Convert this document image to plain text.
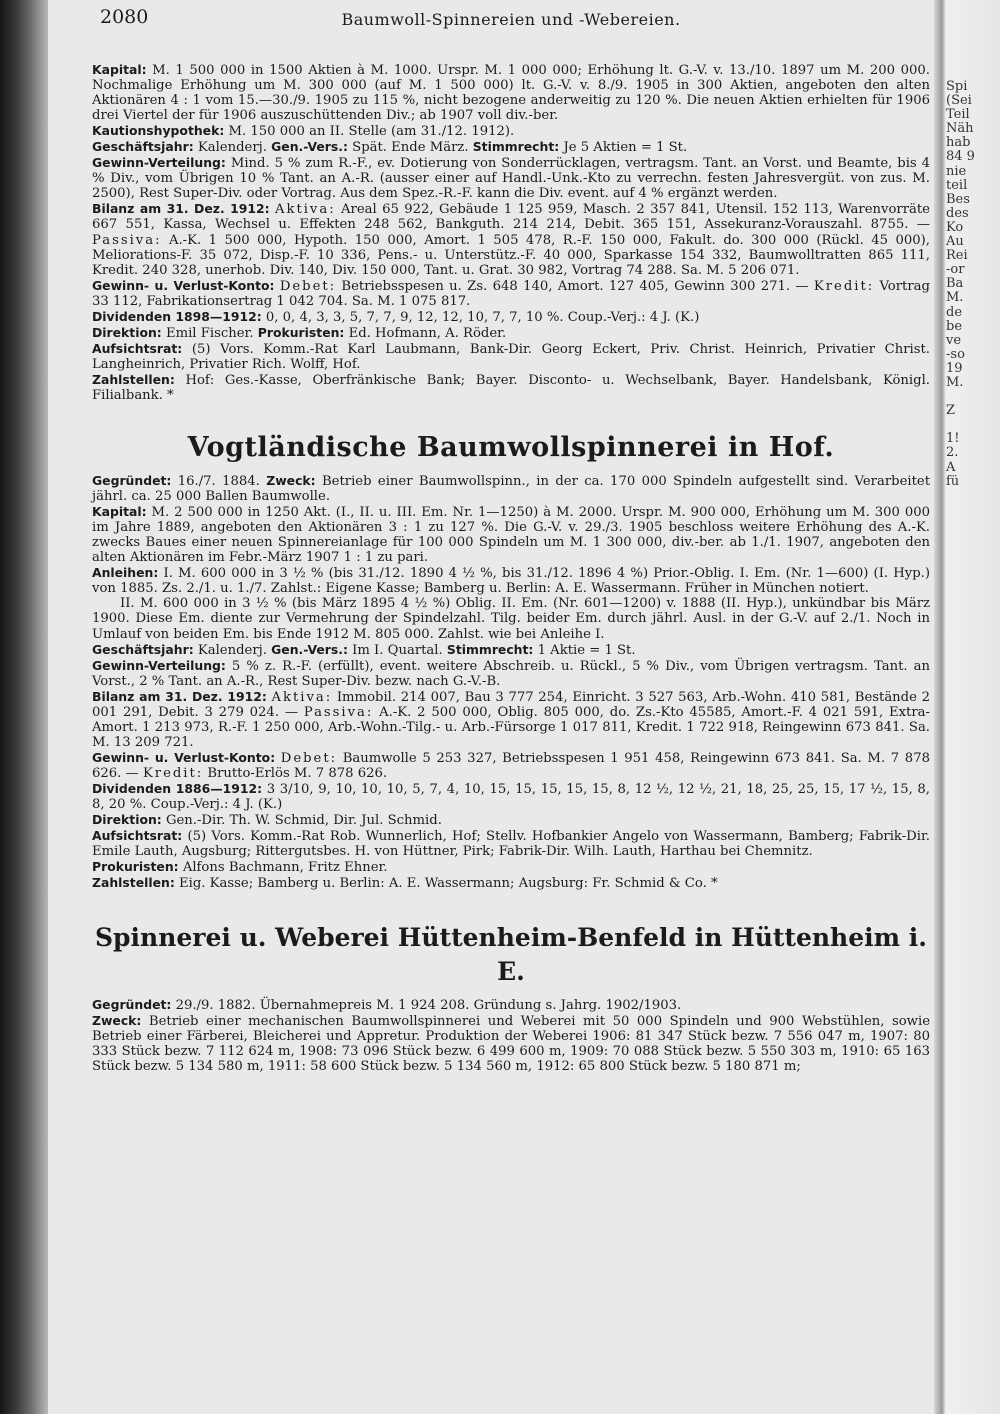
Spi
(Sei
Teil
Näh
hab
84 9
nie
teil
Bes
des
Ko
Au
Rei
-or
Ba
M.
de
be
ve
-so
19
M.
Z
1!
2.
A
fü
2080	Baumwoll-Spinnereien und -Webereien.

Kapital: M. 1 500 000 in 1500 Aktien à M. 1000. Urspr. M. 1 000 000; Erhöhung lt. G.-V. v. 13./10. 1897 um M. 200 000. Nochmalige Erhöhung um M. 300 000 (auf M. 1 500 000) lt. G.-V. v. 8./9. 1905 in 300 Aktien, angeboten den alten Aktionären 4 : 1 vom 15.—30./9. 1905 zu 115 %, nicht bezogene anderweitig zu 120 %. Die neuen Aktien erhielten für 1906 drei Viertel der für 1906 auszuschüttenden Div.; ab 1907 voll div.-ber.

Kautionshypothek: M. 150 000 an II. Stelle (am 31./12. 1912).

Geschäftsjahr: Kalenderj. Gen.-Vers.: Spät. Ende März. Stimmrecht: Je 5 Aktien = 1 St.

Gewinn-Verteilung: Mind. 5 % zum R.-F., ev. Dotierung von Sonderrücklagen, vertragsm. Tant. an Vorst. und Beamte, bis 4 % Div., vom Übrigen 10 % Tant. an A.-R. (ausser einer auf Handl.-Unk.-Kto zu verrechn. festen Jahresvergüt. von zus. M. 2500), Rest Super-Div. oder Vortrag. Aus dem Spez.-R.-F. kann die Div. event. auf 4 % ergänzt werden.

Bilanz am 31. Dez. 1912: Aktiva: Areal 65 922, Gebäude 1 125 959, Masch. 2 357 841, Utensil. 152 113, Warenvorräte 667 551, Kassa, Wechsel u. Effekten 248 562, Bankguth. 214 214, Debit. 365 151, Assekuranz-Vorauszahl. 8755. — Passiva: A.-K. 1 500 000, Hypoth. 150 000, Amort. 1 505 478, R.-F. 150 000, Fakult. do. 300 000 (Rückl. 45 000), Meliorations-F. 35 072, Disp.-F. 10 336, Pens.- u. Unterstütz.-F. 40 000, Sparkasse 154 332, Baumwolltratten 865 111, Kredit. 240 328, unerhob. Div. 140, Div. 150 000, Tant. u. Grat. 30 982, Vortrag 74 288. Sa. M. 5 206 071.

Gewinn- u. Verlust-Konto: Debet: Betriebsspesen u. Zs. 648 140, Amort. 127 405, Gewinn 300 271. — Kredit: Vortrag 33 112, Fabrikationsertrag 1 042 704. Sa. M. 1 075 817.

Dividenden 1898—1912: 0, 0, 4, 3, 3, 5, 7, 7, 9, 12, 12, 10, 7, 7, 10 %. Coup.-Verj.: 4 J. (K.)

Direktion: Emil Fischer. Prokuristen: Ed. Hofmann, A. Röder.

Aufsichtsrat: (5) Vors. Komm.-Rat Karl Laubmann, Bank-Dir. Georg Eckert, Priv. Christ. Heinrich, Privatier Christ. Langheinrich, Privatier Rich. Wolff, Hof.

Zahlstellen: Hof: Ges.-Kasse, Oberfränkische Bank; Bayer. Disconto- u. Wechselbank, Bayer. Handelsbank, Königl. Filialbank. *

Vogtländische Baumwollspinnerei in Hof.

Gegründet: 16./7. 1884. Zweck: Betrieb einer Baumwollspinn., in der ca. 170 000 Spindeln aufgestellt sind. Verarbeitet jährl. ca. 25 000 Ballen Baumwolle.

Kapital: M. 2 500 000 in 1250 Akt. (I., II. u. III. Em. Nr. 1—1250) à M. 2000. Urspr. M. 900 000, Erhöhung um M. 300 000 im Jahre 1889, angeboten den Aktionären 3 : 1 zu 127 %. Die G.-V. v. 29./3. 1905 beschloss weitere Erhöhung des A.-K. zwecks Baues einer neuen Spinnereianlage für 100 000 Spindeln um M. 1 300 000, div.-ber. ab 1./1. 1907, angeboten den alten Aktionären im Febr.-März 1907 1 : 1 zu pari.

Anleihen: I. M. 600 000 in 3 ½ % (bis 31./12. 1890 4 ½ %, bis 31./12. 1896 4 %) Prior.-Oblig. I. Em. (Nr. 1—600) (I. Hyp.) von 1885. Zs. 2./1. u. 1./7. Zahlst.: Eigene Kasse; Bamberg u. Berlin: A. E. Wassermann. Früher in München notiert.

II. M. 600 000 in 3 ½ % (bis März 1895 4 ½ %) Oblig. II. Em. (Nr. 601—1200) v. 1888 (II. Hyp.), unkündbar bis März 1900. Diese Em. diente zur Vermehrung der Spindelzahl. Tilg. beider Em. durch jährl. Ausl. in der G.-V. auf 2./1. Noch in Umlauf von beiden Em. bis Ende 1912 M. 805 000. Zahlst. wie bei Anleihe I.

Geschäftsjahr: Kalenderj. Gen.-Vers.: Im I. Quartal. Stimmrecht: 1 Aktie = 1 St.

Gewinn-Verteilung: 5 % z. R.-F. (erfüllt), event. weitere Abschreib. u. Rückl., 5 % Div., vom Übrigen vertragsm. Tant. an Vorst., 2 % Tant. an A.-R., Rest Super-Div. bezw. nach G.-V.-B.

Bilanz am 31. Dez. 1912: Aktiva: Immobil. 214 007, Bau 3 777 254, Einricht. 3 527 563, Arb.-Wohn. 410 581, Bestände 2 001 291, Debit. 3 279 024. — Passiva: A.-K. 2 500 000, Oblig. 805 000, do. Zs.-Kto 45585, Amort.-F. 4 021 591, Extra-Amort. 1 213 973, R.-F. 1 250 000, Arb.-Wohn.-Tilg.- u. Arb.-Fürsorge 1 017 811, Kredit. 1 722 918, Reingewinn 673 841. Sa. M. 13 209 721.

Gewinn- u. Verlust-Konto: Debet: Baumwolle 5 253 327, Betriebsspesen 1 951 458, Reingewinn 673 841. Sa. M. 7 878 626. — Kredit: Brutto-Erlös M. 7 878 626.

Dividenden 1886—1912: 3 3/10, 9, 10, 10, 10, 5, 7, 4, 10, 15, 15, 15, 15, 15, 8, 12 ½, 12 ½, 21, 18, 25, 25, 15, 17 ½, 15, 8, 8, 20 %. Coup.-Verj.: 4 J. (K.)

Direktion: Gen.-Dir. Th. W. Schmid, Dir. Jul. Schmid.

Aufsichtsrat: (5) Vors. Komm.-Rat Rob. Wunnerlich, Hof; Stellv. Hofbankier Angelo von Wassermann, Bamberg; Fabrik-Dir. Emile Lauth, Augsburg; Rittergutsbes. H. von Hüttner, Pirk; Fabrik-Dir. Wilh. Lauth, Harthau bei Chemnitz.

Prokuristen: Alfons Bachmann, Fritz Ehner.

Zahlstellen: Eig. Kasse; Bamberg u. Berlin: A. E. Wassermann; Augsburg: Fr. Schmid & Co. *

Spinnerei u. Weberei Hüttenheim-Benfeld in Hüttenheim i. E.

Gegründet: 29./9. 1882. Übernahmepreis M. 1 924 208. Gründung s. Jahrg. 1902/1903.

Zweck: Betrieb einer mechanischen Baumwollspinnerei und Weberei mit 50 000 Spindeln und 900 Webstühlen, sowie Betrieb einer Färberei, Bleicherei und Appretur. Produktion der Weberei 1906: 81 347 Stück bezw. 7 556 047 m, 1907: 80 333 Stück bezw. 7 112 624 m, 1908: 73 096 Stück bezw. 6 499 600 m, 1909: 70 088 Stück bezw. 5 550 303 m, 1910: 65 163 Stück bezw. 5 134 580 m, 1911: 58 600 Stück bezw. 5 134 560 m, 1912: 65 800 Stück bezw. 5 180 871 m;
